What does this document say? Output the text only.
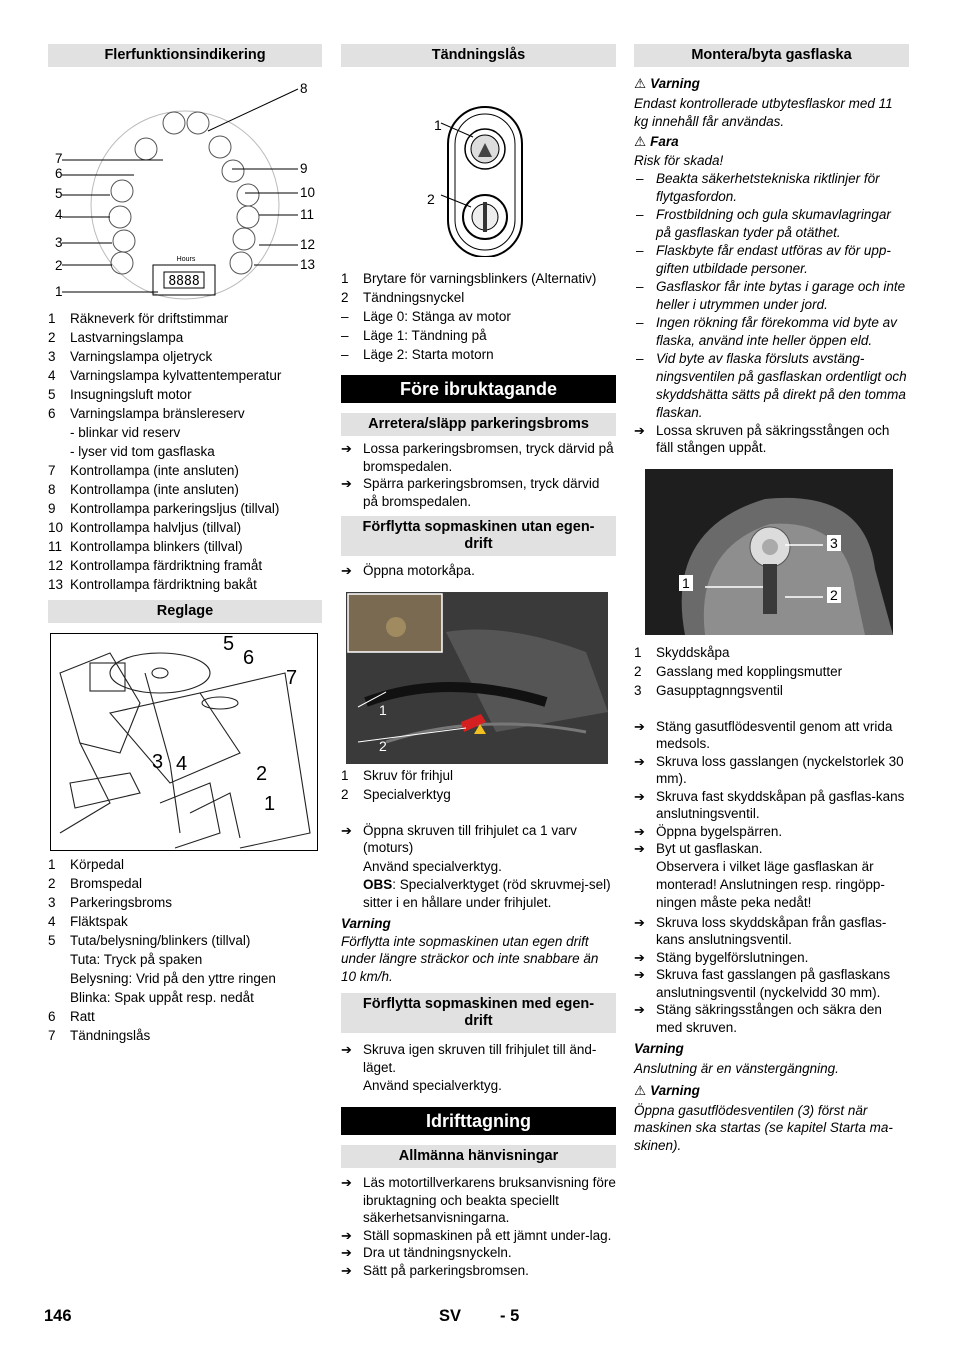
Flerfunktionsindikering
Hours
8888
7
6
5
4
3
2
1
8
9
10
11
12
13
1 Räkneverk för driftstimmar
2 Lastvarningslampa
3 Varningslampa oljetryck
4 Varningslampa kylvattentemperatur
5 Insugningsluft motor
6 Varningslampa bränslereserv
- blinkar vid reserv
- lyser vid tom gasflaska
7 Kontrollampa (inte ansluten)
8 Kontrollampa (inte ansluten)
9 Kontrollampa parkeringsljus (tillval)
10 Kontrollampa halvljus (tillval)
11 Kontrollampa blinkers (tillval)
12 Kontrollampa färdriktning framåt
13 Kontrollampa färdriktning bakåt
Reglage
5
6
7
3 4	2
1
1 Körpedal
2 Bromspedal
3 Parkeringsbroms
4 Fläktspak
5 Tuta/belysning/blinkers (tillval)
Tuta: Tryck på spaken
Belysning: Vrid på den yttre ringen
Blinka: Spak uppåt resp. nedåt
6 Ratt
7 Tändningslås
Tändningslås
1
2
1 Brytare för varningsblinkers (Alternativ)
2 Tändningsnyckel
– Läge 0: Stänga av motor
– Läge 1: Tändning på
– Läge 2: Starta motorn
Före ibruktagande
Arretera/släpp parkeringsbroms

➔ Lossa parkeringsbromsen, tryck därvid på bromspedalen.

➔ Spärra parkeringsbromsen, tryck därvid på bromspedalen.

Förflytta sopmaskinen utan egen-drift

➔ Öppna motorkåpa.

1
2
1 Skruv för frihjul
2 Specialverktyg

➔ Öppna skruven till frihjulet ca 1 varv (moturs)

Använd specialverktyg.
OBS: Specialverktyget (röd skruvmej-sel) sitter i en hållare under frihjulet.
Varning
Förflytta inte sopmaskinen utan egen drift under längre sträckor och inte snabbare än 10 km/h.
Förflytta sopmaskinen med egen-drift

➔ Skruva igen skruven till frihjulet till änd-läget.

Använd specialverktyg.
Idrifttagning
Allmänna hänvisningar

➔ Läs motortillverkarens bruksanvisning före ibruktagning och beakta speciellt säkerhetsanvisningarna.

➔ Ställ sopmaskinen på ett jämnt under-lag.

➔ Dra ut tändningsnyckeln.

➔ Sätt på parkeringsbromsen.

Montera/byta gasflaska
⚠ Varning
Endast kontrollerade utbytesflaskor med 11 kg innehåll får användas.
⚠ Fara
Risk för skada!
– Beakta säkerhetstekniska riktlinjer för flytgasfordon.
– Frostbildning och gula skumavlagringar på gasflaskan tyder på otäthet.
– Flaskbyte får endast utföras av för upp-giften utbildade personer.
– Gasflaskor får inte bytas i garage och inte heller i utrymmen under jord.
– Ingen rökning får förekomma vid byte av flaska, använd inte heller öppen eld.
– Vid byte av flaska försluts avstäng-ningsventilen på gasflaskan ordentligt och skyddshätta sätts på direkt på den tomma flaskan.

➔ Lossa skruven på säkringsstången och fäll stången uppåt.

3
1
2
1 Skyddskåpa
2 Gasslang med kopplingsmutter
3 Gasupptagnngsventil

➔ Stäng gasutflödesventil genom att vrida medsols.

➔ Skruva loss gasslangen (nyckelstorlek 30 mm).

➔ Skruva fast skyddskåpan på gasflas-kans anslutningsventil.

➔ Öppna bygelspärren.

➔ Byt ut gasflaskan.

Observera i vilket läge gasflaskan är monterad! Anslutningen resp. ringöpp-ningen måste peka nedåt!

➔ Skruva loss skyddskåpan från gasflas-kans anslutningsventil.

➔ Stäng bygelförslutningen.

➔ Skruva fast gasslangen på gasflaskans anslutningsventil (nyckelvidd 30 mm).

➔ Stäng säkringsstången och säkra den med skruven.

Varning
Anslutning är en vänstergängning.
⚠ Varning
Öppna gasutflödesventilen (3) först när maskinen ska startas (se kapitel Starta ma-skinen).
146	SV - 5
